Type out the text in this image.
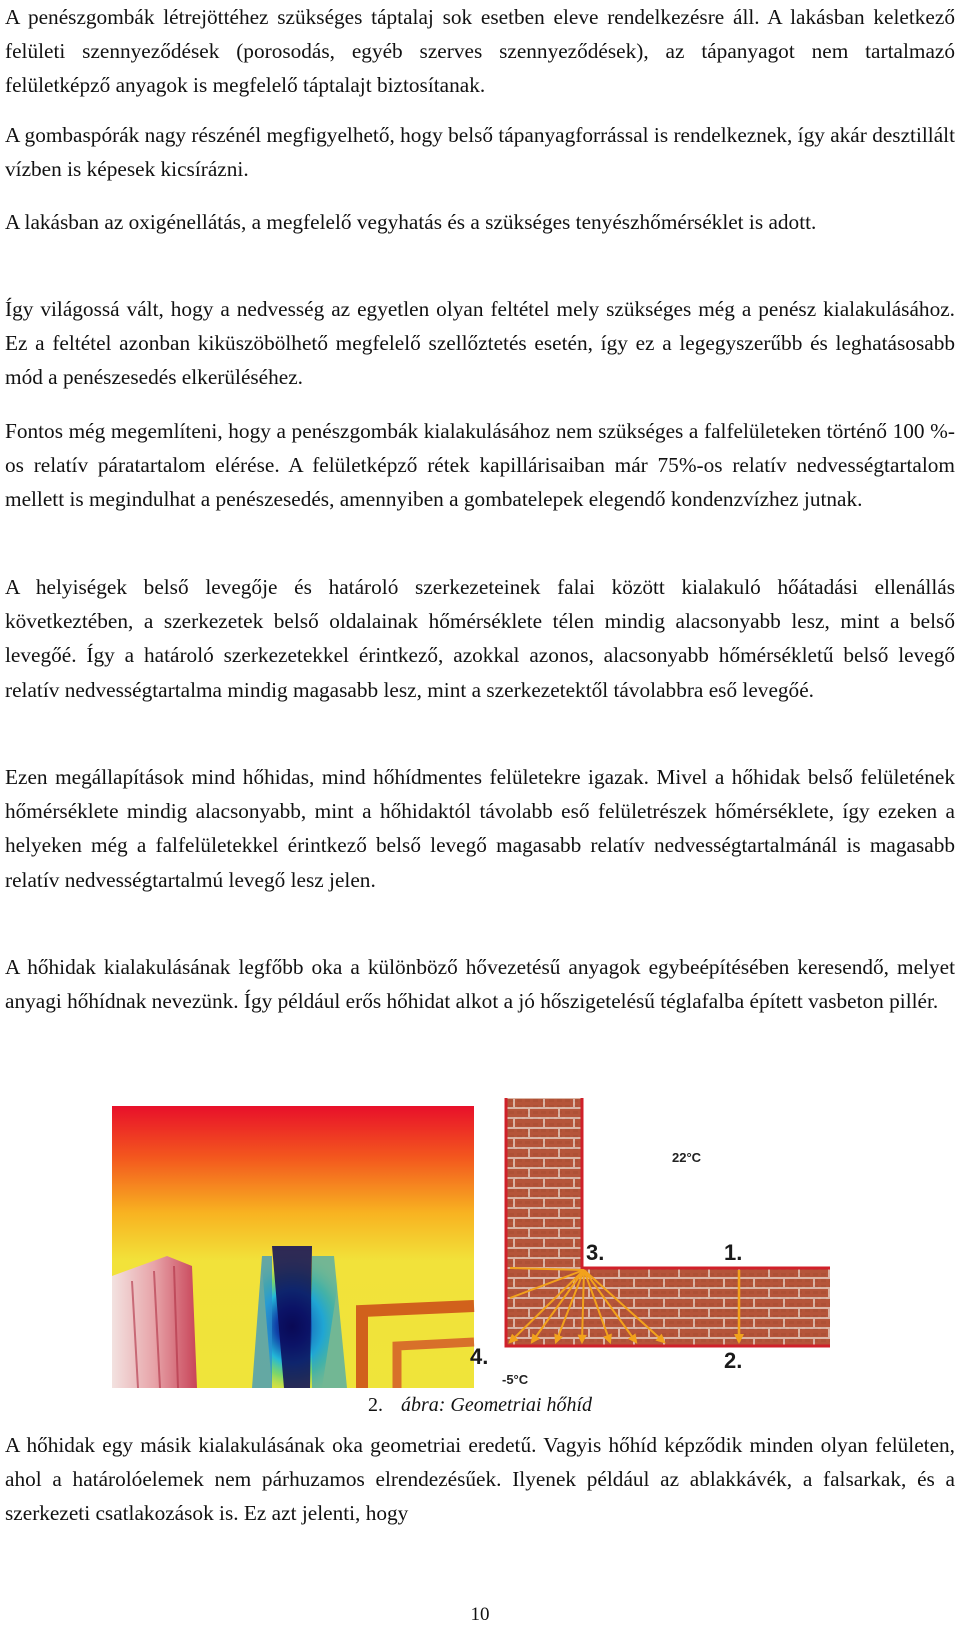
A penészgombák létrejöttéhez szükséges táptalaj sok esetben eleve rendelkezésre áll. A lakásban keletkező felületi szennyeződések (porosodás, egyéb szerves szennyeződések), az tápanyagot nem tartalmazó felületképző anyagok is megfelelő táptalajt biztosítanak.

A gombaspórák nagy részénél megfigyelhető, hogy belső tápanyagforrással is rendelkeznek, így akár desztillált vízben is képesek kicsírázni.

A lakásban az oxigénellátás, a megfelelő vegyhatás és a szükséges tenyészhőmérséklet is adott.

Így világossá vált, hogy a nedvesség az egyetlen olyan feltétel mely szükséges még a penész kialakulásához. Ez a feltétel azonban kiküszöbölhető megfelelő szellőztetés esetén, így ez a legegyszerűbb és leghatásosabb mód a penészesedés elkerüléséhez.

Fontos még megemlíteni, hogy a penészgombák kialakulásához nem szükséges a falfelületeken történő 100 %-os relatív páratartalom elérése. A felületképző rétek kapillárisaiban már 75%-os relatív nedvességtartalom mellett is megindulhat a penészesedés, amennyiben a gombatelepek elegendő kondenzvízhez jutnak.

A helyiségek belső levegője és határoló szerkezeteinek falai között kialakuló hőátadási ellenállás következtében, a szerkezetek belső oldalainak hőmérséklete télen mindig alacsonyabb lesz, mint a belső levegőé. Így a határoló szerkezetekkel érintkező, azokkal azonos, alacsonyabb hőmérsékletű belső levegő relatív nedvességtartalma mindig magasabb lesz, mint a szerkezetektől távolabbra eső levegőé.

Ezen megállapítások mind hőhidas, mind hőhídmentes felületekre igazak. Mivel a hőhidak belső felületének hőmérséklete mindig alacsonyabb, mint a hőhidaktól távolabb eső felületrészek hőmérséklete, így ezeken a helyeken még a falfelületekkel érintkező belső levegő magasabb relatív nedvességtartalmánál is magasabb relatív nedvességtartalmú levegő lesz jelen.

A hőhidak kialakulásának legfőbb oka a különböző hővezetésű anyagok egybeépítésében keresendő, melyet anyagi hőhídnak nevezünk. Így például erős hőhidat alkot a jó hőszigetelésű téglafalba épített vasbeton pillér.

22°C
-5°C
1.
2.
3.
4.
2. ábra: Geometriai hőhíd

A hőhidak egy másik kialakulásának oka geometriai eredetű. Vagyis hőhíd képződik minden olyan felületen, ahol a határolóelemek nem párhuzamos elrendezésűek. Ilyenek például az ablakkávék, a falsarkak, és a szerkezeti csatlakozások is. Ez azt jelenti, hogy

10
